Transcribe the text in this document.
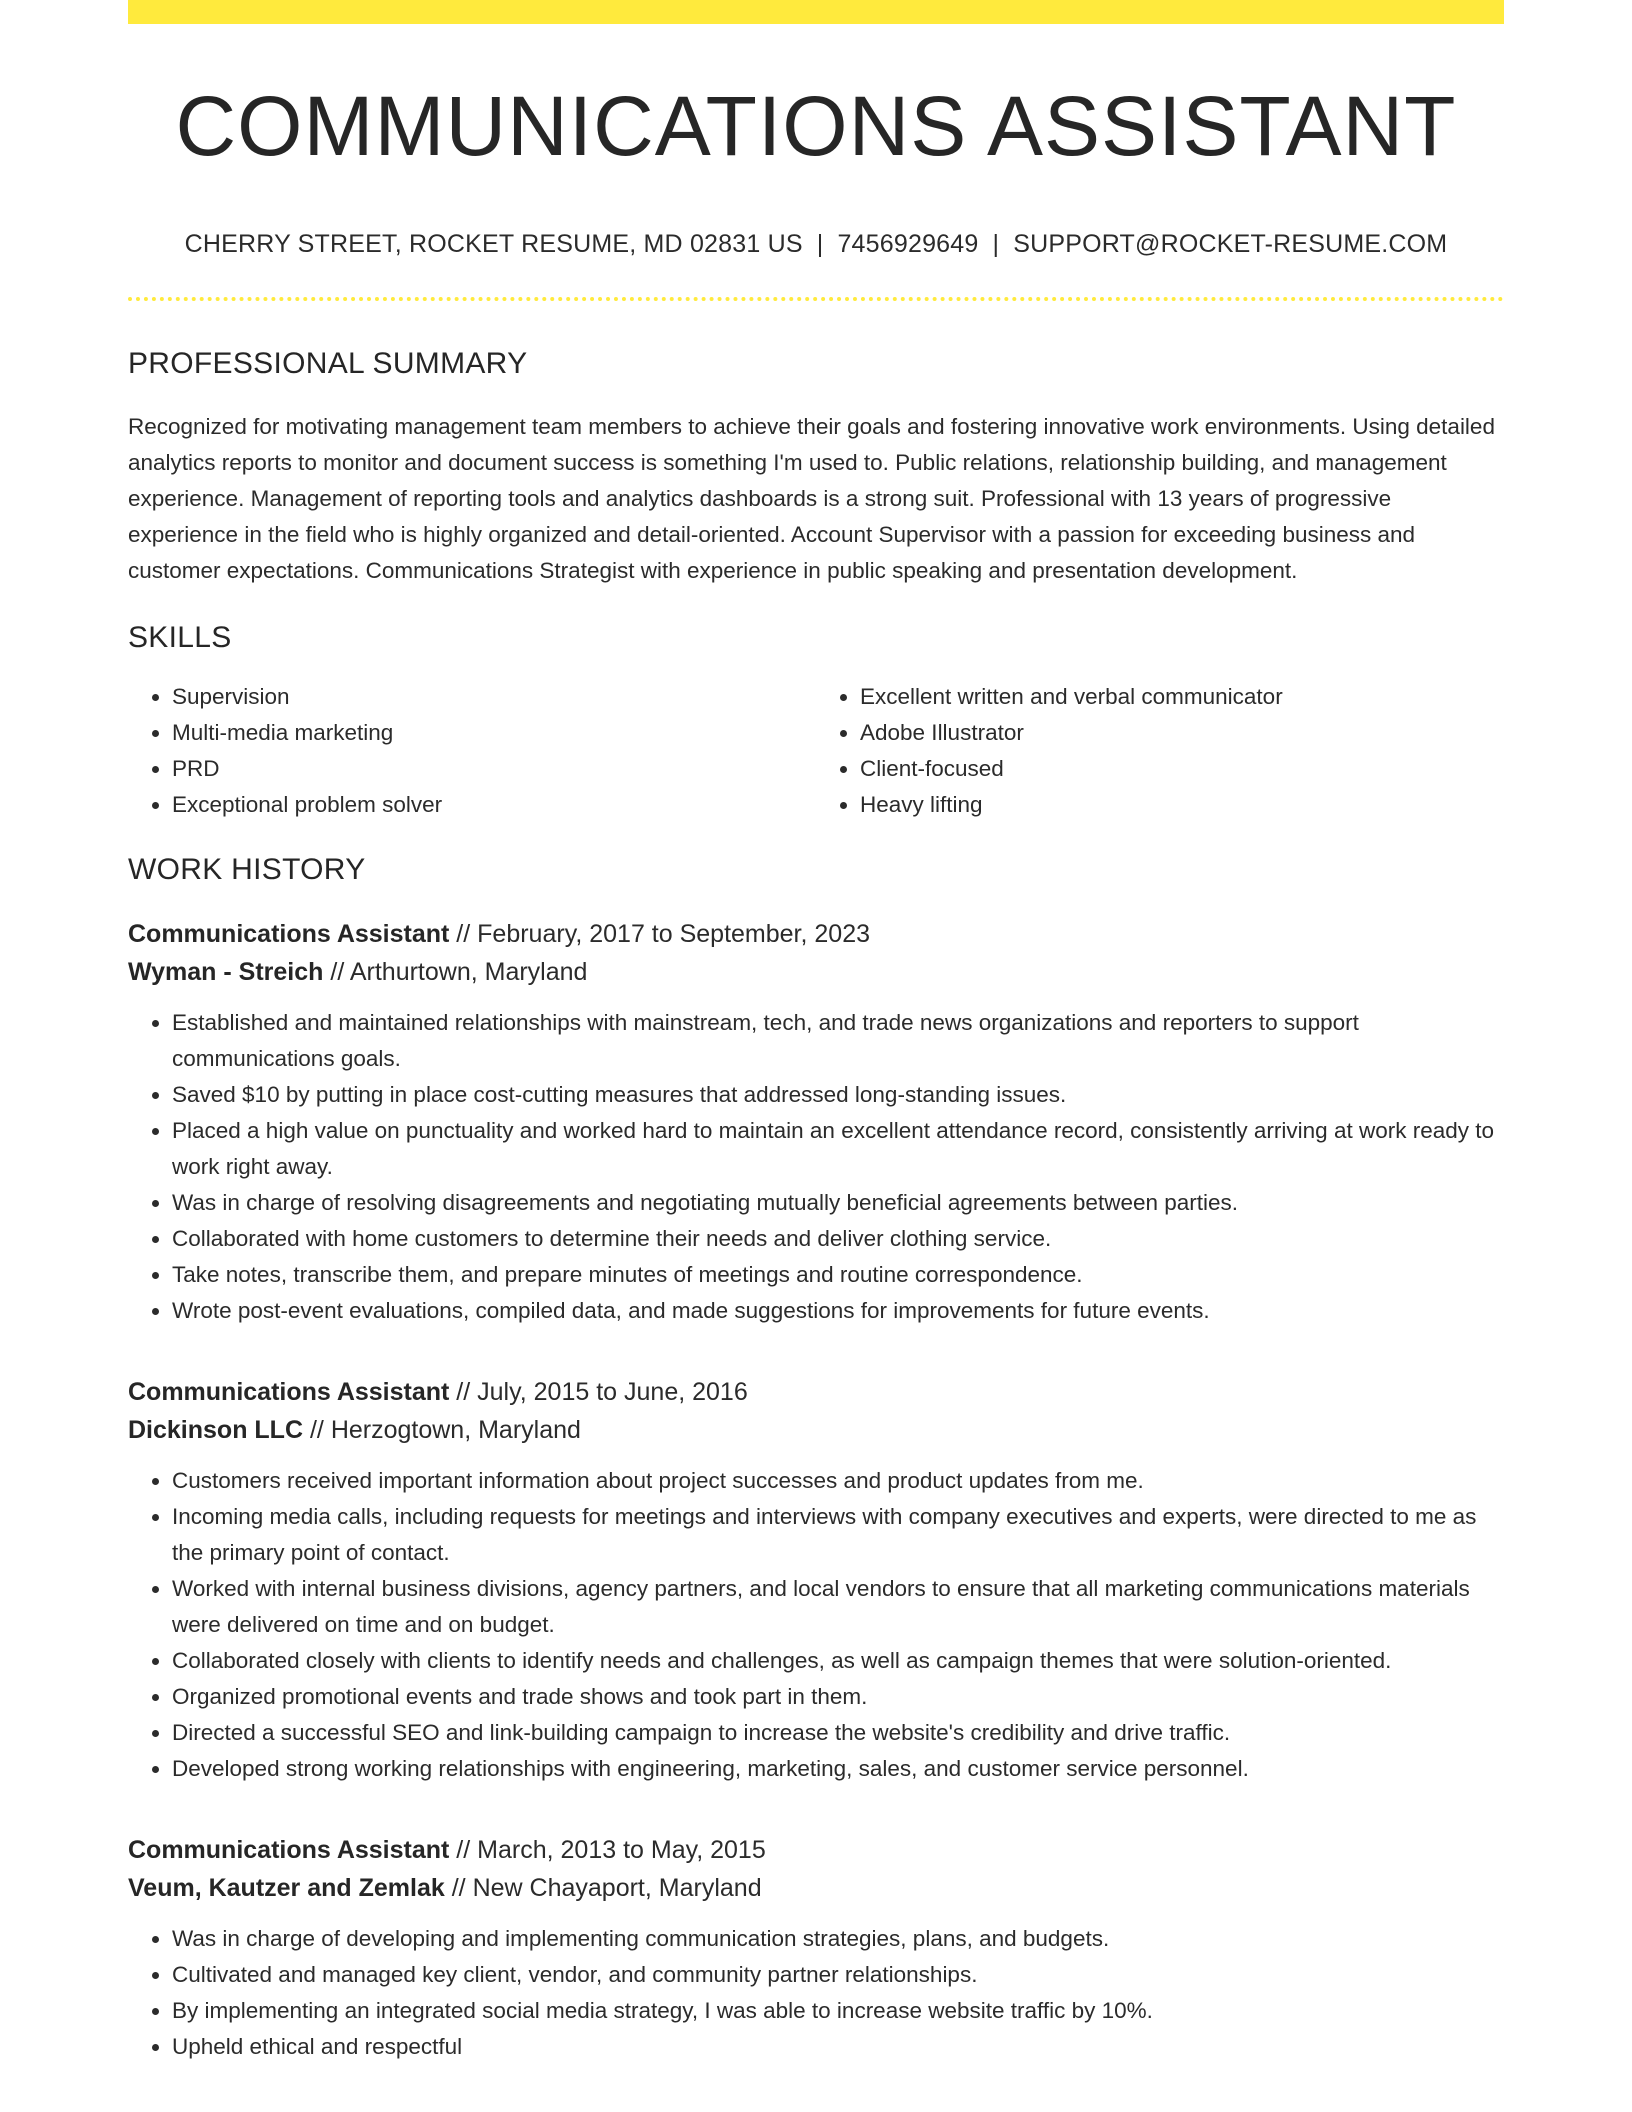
COMMUNICATIONS ASSISTANT
CHERRY STREET, ROCKET RESUME, MD 02831 US | 7456929649 | SUPPORT@ROCKET-RESUME.COM
PROFESSIONAL SUMMARY
Recognized for motivating management team members to achieve their goals and fostering innovative work environments. Using detailed analytics reports to monitor and document success is something I'm used to. Public relations, relationship building, and management experience. Management of reporting tools and analytics dashboards is a strong suit. Professional with 13 years of progressive experience in the field who is highly organized and detail-oriented. Account Supervisor with a passion for exceeding business and customer expectations. Communications Strategist with experience in public speaking and presentation development.
SKILLS
• Supervision
• Multi-media marketing
• PRD
• Exceptional problem solver
• Excellent written and verbal communicator
• Adobe Illustrator
• Client-focused
• Heavy lifting
WORK HISTORY
Communications Assistant // February, 2017 to September, 2023
Wyman - Streich // Arthurtown, Maryland
• Established and maintained relationships with mainstream, tech, and trade news organizations and reporters to support communications goals.
• Saved $10 by putting in place cost-cutting measures that addressed long-standing issues.
• Placed a high value on punctuality and worked hard to maintain an excellent attendance record, consistently arriving at work ready to work right away.
• Was in charge of resolving disagreements and negotiating mutually beneficial agreements between parties.
• Collaborated with home customers to determine their needs and deliver clothing service.
• Take notes, transcribe them, and prepare minutes of meetings and routine correspondence.
• Wrote post-event evaluations, compiled data, and made suggestions for improvements for future events.
Communications Assistant // July, 2015 to June, 2016
Dickinson LLC // Herzogtown, Maryland
• Customers received important information about project successes and product updates from me.
• Incoming media calls, including requests for meetings and interviews with company executives and experts, were directed to me as the primary point of contact.
• Worked with internal business divisions, agency partners, and local vendors to ensure that all marketing communications materials were delivered on time and on budget.
• Collaborated closely with clients to identify needs and challenges, as well as campaign themes that were solution-oriented.
• Organized promotional events and trade shows and took part in them.
• Directed a successful SEO and link-building campaign to increase the website's credibility and drive traffic.
• Developed strong working relationships with engineering, marketing, sales, and customer service personnel.
Communications Assistant // March, 2013 to May, 2015
Veum, Kautzer and Zemlak // New Chayaport, Maryland
• Was in charge of developing and implementing communication strategies, plans, and budgets.
• Cultivated and managed key client, vendor, and community partner relationships.
• By implementing an integrated social media strategy, I was able to increase website traffic by 10%.
• Upheld ethical and respectful
